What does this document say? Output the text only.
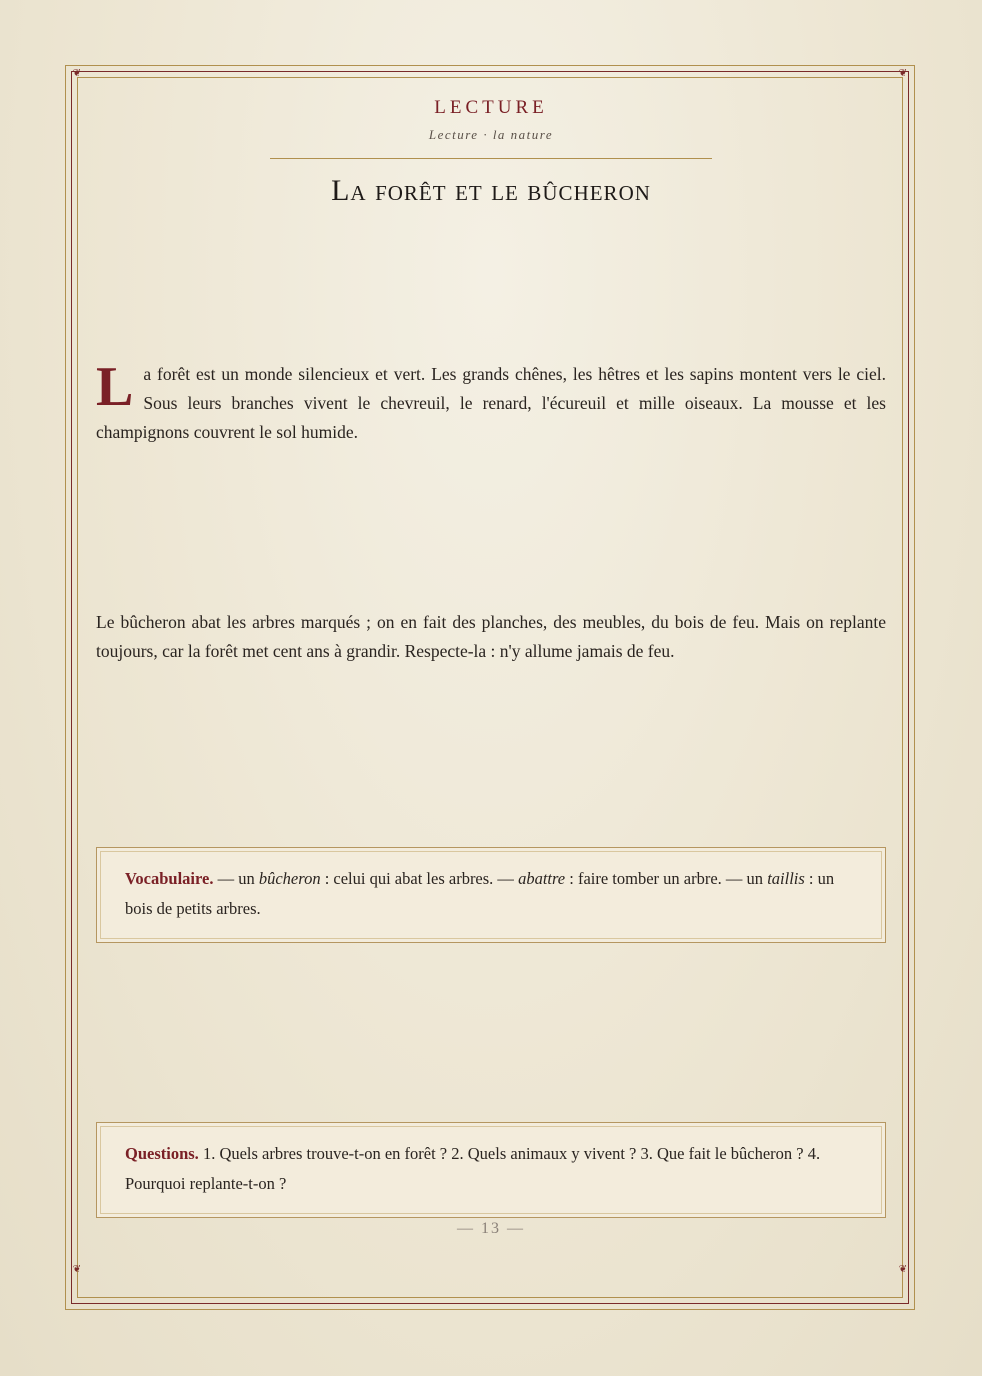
❦	❦
❦	❦
LECTURE
Lecture · la nature
La forêt et le bûcheron

La forêt est un monde silencieux et vert. Les grands chênes, les hêtres et les sapins montent vers le ciel. Sous leurs branches vivent le chevreuil, le renard, l'écureuil et mille oiseaux. La mousse et les champignons couvrent le sol humide.

Le bûcheron abat les arbres marqués ; on en fait des planches, des meubles, du bois de feu. Mais on replante toujours, car la forêt met cent ans à grandir. Respecte-la : n'y allume jamais de feu.

Vocabulaire. — un bûcheron : celui qui abat les arbres. — abattre : faire tomber un arbre. — un taillis : un bois de petits arbres.
Questions. 1. Quels arbres trouve-t-on en forêt ? 2. Quels animaux y vivent ? 3. Que fait le bûcheron ? 4. Pourquoi replante-t-on ?
— 13 —
